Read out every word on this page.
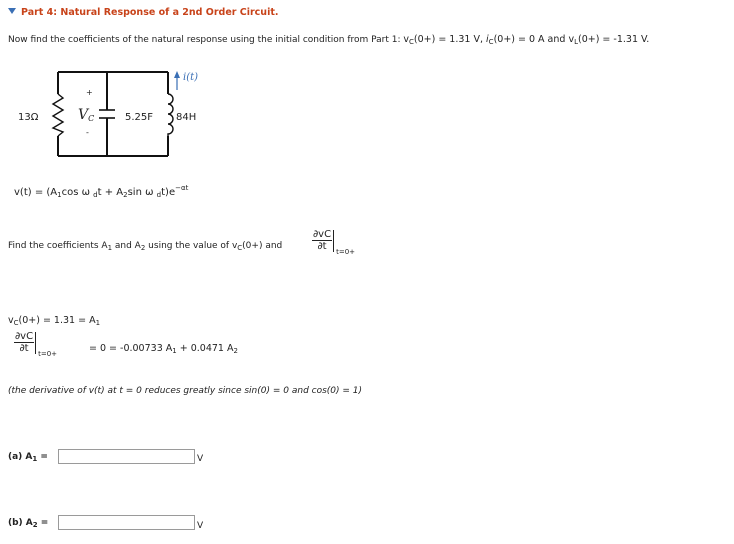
Part 4: Natural Response of a 2nd Order Circuit.
Now find the coefficients of the natural response using the initial condition from Part 1: $v_C(0+) = 1.31$ V, $i_C(0+) = 0$ A and $v_L(0+) = -1.31$ V.
13Ω	$V_C$
+
-
5.25F 84H
i(t)
$v(t) = (A_1\cos$ ω $_dt + A_2\sin$ ω $_dt)e^{-\alpha t}$
Find the coefficients $A_1$ and $A_2$ using the value of $v_C(0+)$ and	$\frac{\partial vC}{\partial t} t=0+$
$v_C(0+) = 1.31 = A_1$
$\frac{\partial vC}{\partial t} t=0+$	= 0 = -0.00733 $A_1 + 0.0471$ $A_2$
(the derivative of v(t) at t = 0 reduces greatly since sin(0) = 0 and cos(0) = 1)
(a) $A_1$ =	V
(b) $A_2$ =	V
